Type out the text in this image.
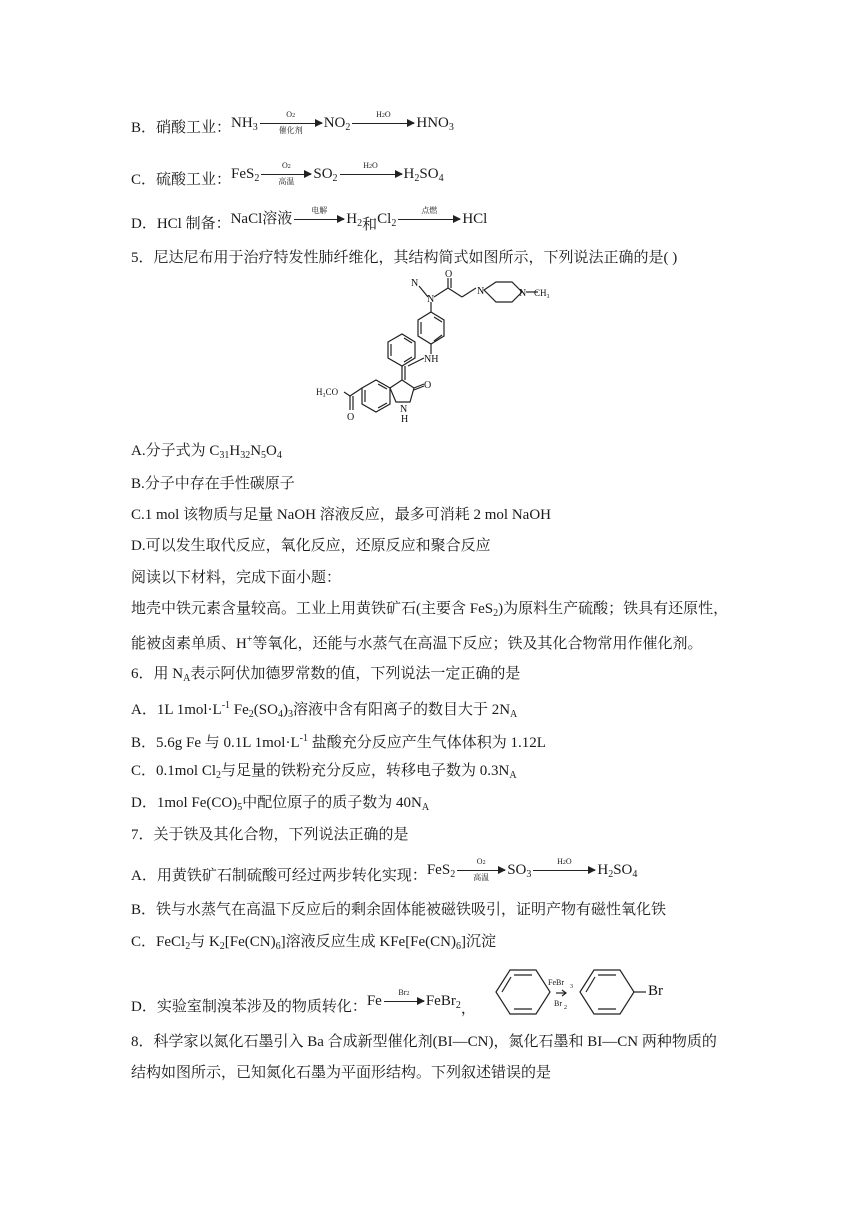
B．硝酸工业：$NH_3$
O2
催化剂	$NO_2$
H2O
$HNO_3$
C．硫酸工业：FeS$_2$
O2
高温	$SO_2$
H2O
$H_2SO_4$
D．HCl 制备：NaCl溶液
电解
$H_2$和$Cl_2$
点燃
HCl
5．尼达尼布用于治疗特发性肺纤维化，其结构简式如图所示，下列说法正确的是( )
N
N
O
N	N CH₃
NH
H₃CO
O
O
N
H
A.分子式为 $C_{31}H_{32}N_5O_4$
B.分子中存在手性碳原子
C.1 mol 该物质与足量 NaOH 溶液反应，最多可消耗 2 mol NaOH
D.可以发生取代反应，氧化反应，还原反应和聚合反应
阅读以下材料，完成下面小题：
地壳中铁元素含量较高。工业上用黄铁矿石(主要含 FeS$_2$)为原料生产硫酸；铁具有还原性，
能被卤素单质、H+等氧化，还能与水蒸气在高温下反应；铁及其化合物常用作催化剂。
6．用 $N_A$表示阿伏加德罗常数的值，下列说法一定正确的是
A．1L $1mol\cdot L^{-1}$ $Fe_2(SO_4)_3$溶液中含有阳离子的数目大于 $2N_A$
B．5.6g Fe 与 0.1L $1mol\cdot L^{-1}$ 盐酸充分反应产生气体体积为 1.12L
C．0.1mol $Cl_2$与足量的铁粉充分反应，转移电子数为 $0.3N_A$
D．1mol $Fe(CO)_5$中配位原子的质子数为 $40N_A$
7．关于铁及其化合物，下列说法正确的是
A．用黄铁矿石制硫酸可经过两步转化实现：FeS$_2$
O2
高温	$SO_3$
H2O
$H_2SO_4$
B．铁与水蒸气在高温下反应后的剩余固体能被磁铁吸引，证明产物有磁性氧化铁
C．FeCl$_2$与 $K_2[Fe(CN)_6]$溶液反应生成 $KFe[Fe(CN)_6]$沉淀
D．实验室制溴苯涉及的物质转化：Fe
Br2	FeBr$_2$，
FeBr 3
Br 2
Br
8．科学家以氮化石墨引入 Ba 合成新型催化剂(BI—CN)，氮化石墨和 BI—CN 两种物质的
结构如图所示，已知氮化石墨为平面形结构。下列叙述错误的是
